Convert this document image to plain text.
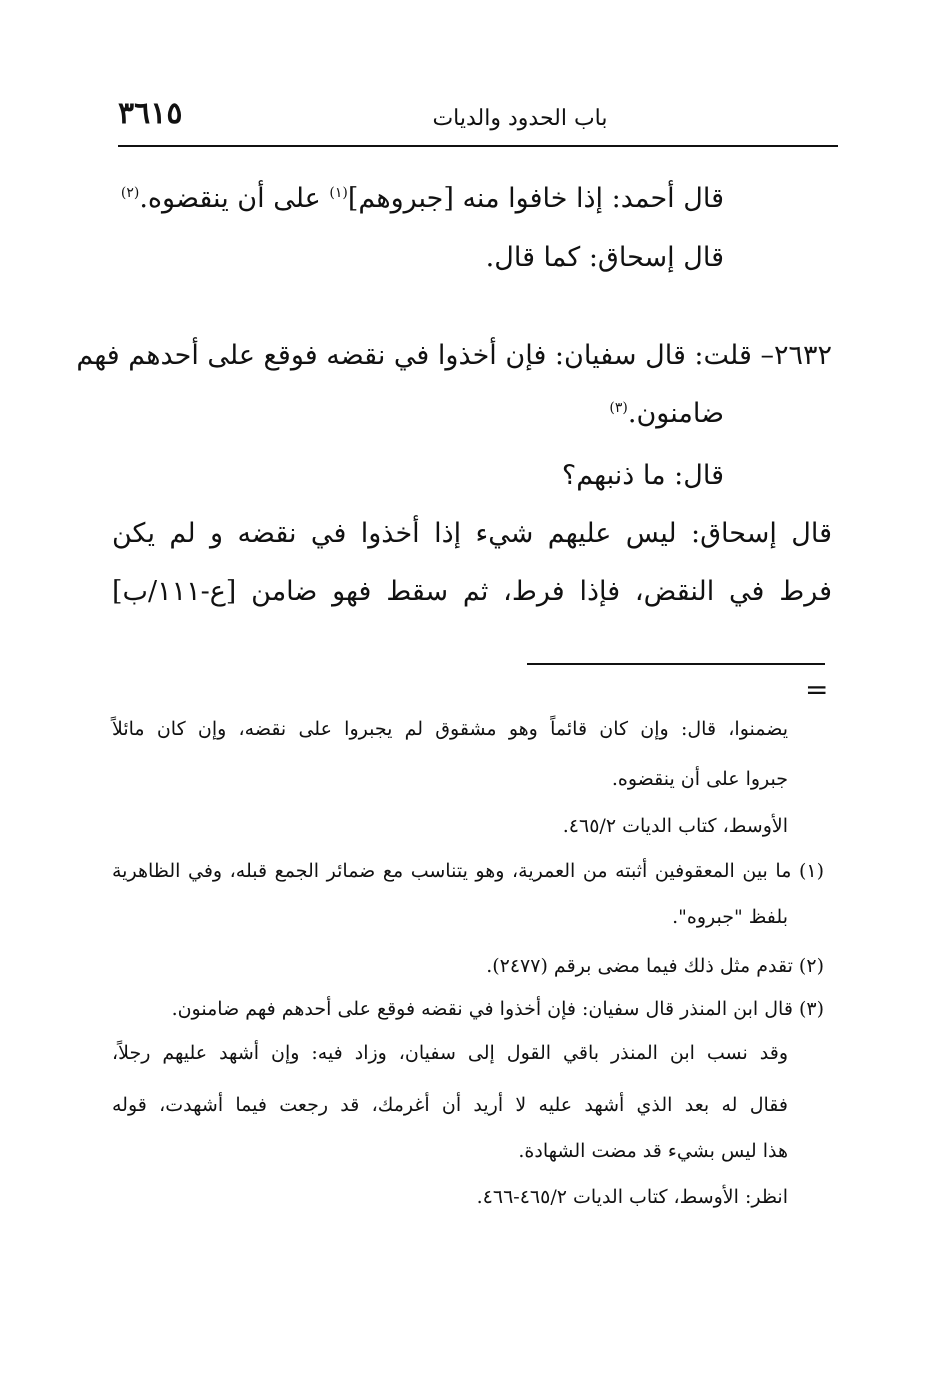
٣٦١٥	باب الحدود والديات
قال أحمد: إذا خافوا منه [جبروهم]$^{(١)}$ على أن ينقضوه.$^{(٢)}$
قال إسحاق: كما قال.
٢٦٣٢– قلت: قال سفيان: فإن أخذوا في نقضه فوقع على أحدهم فهم
ضامنون.$^{(٣)}$
قال: ما ذنبهم؟
قال إسحاق: ليس عليهم شيء إذا أخذوا في نقضه و لم يكن
فرط في النقض، فإذا فرط، ثم سقط فهو ضامن [ع-١١١/ب]
=
يضمنوا، قال: وإن كان قائماً وهو مشقوق لم يجبروا على نقضه، وإن كان مائلاً
جبروا على أن ينقضوه.
الأوسط، كتاب الديات ٤٦٥/٢.
(١) ما بين المعقوفين أثبته من العمرية، وهو يتناسب مع ضمائر الجمع قبله، وفي الظاهرية
بلفظ "جبروه".
(٢) تقدم مثل ذلك فيما مضى برقم (٢٤٧٧).
(٣) قال ابن المنذر قال سفيان: فإن أخذوا في نقضه فوقع على أحدهم فهم ضامنون.
وقد نسب ابن المنذر باقي القول إلى سفيان، وزاد فيه: وإن أشهد عليهم رجلاً،
فقال له بعد الذي أشهد عليه لا أريد أن أغرمك، قد رجعت فيما أشهدت، قوله
هذا ليس بشيء قد مضت الشهادة.
انظر: الأوسط، كتاب الديات ٤٦٥/٢-٤٦٦.
